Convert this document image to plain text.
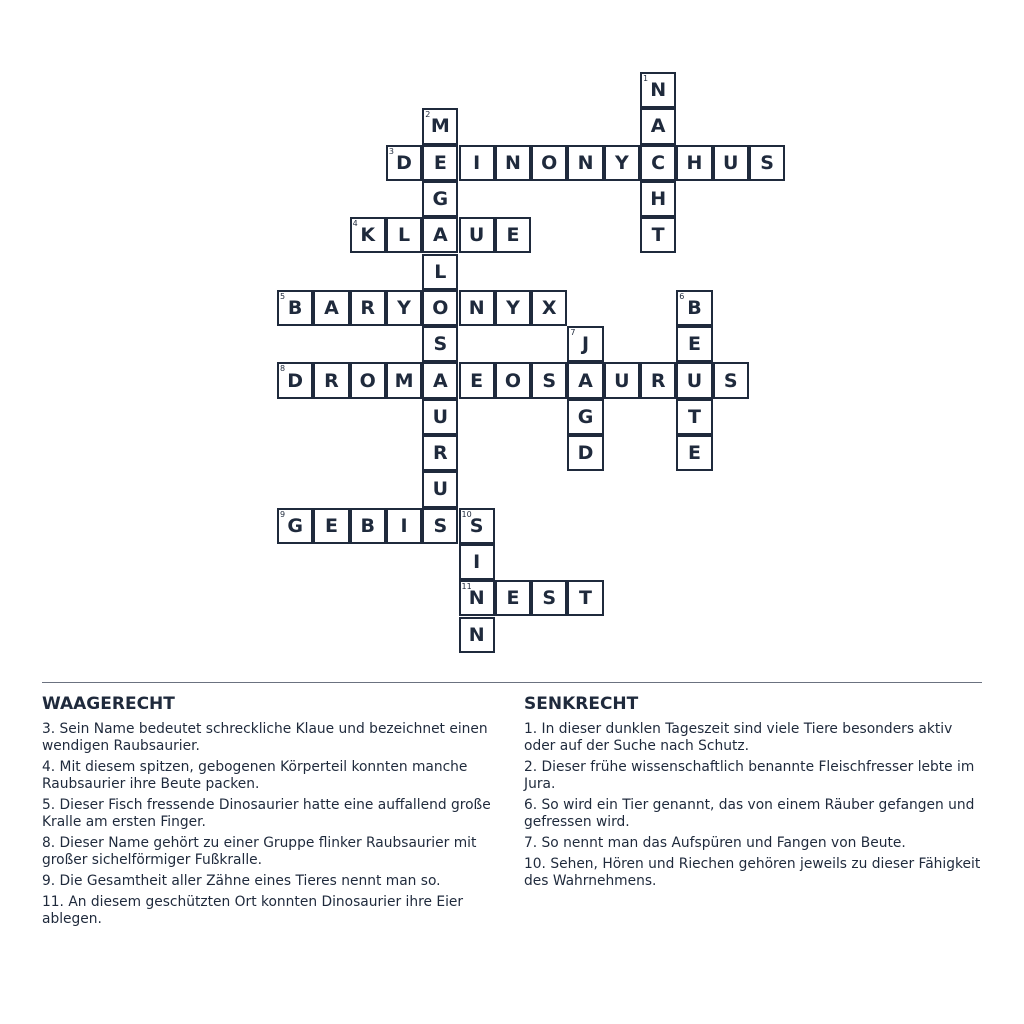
1
N
A
C
H
T
2
M
E
G
A
L
O
S
A
U
R
U
S
3
D	I N O N Y	H U S
4
K L	U E
5
B A R Y	N Y X
6
B
E
U
T
E
7
J
A
G
D
8
D R O M	E O S	U R	S
9
G E B I
10
S
I
11
N
N
E S T
WAAGERECHT
3. Sein Name bedeutet schreckliche Klaue und bezeichnet einen wendigen Raubsaurier.
4. Mit diesem spitzen, gebogenen Körperteil konnten manche Raubsaurier ihre Beute packen.
5. Dieser Fisch fressende Dinosaurier hatte eine auffallend große Kralle am ersten Finger.
8. Dieser Name gehört zu einer Gruppe flinker Raubsaurier mit großer sichelförmiger Fußkralle.
9. Die Gesamtheit aller Zähne eines Tieres nennt man so.
11. An diesem geschützten Ort konnten Dinosaurier ihre Eier ablegen.
SENKRECHT
1. In dieser dunklen Tageszeit sind viele Tiere besonders aktiv oder auf der Suche nach Schutz.
2. Dieser frühe wissenschaftlich benannte Fleischfresser lebte im Jura.
6. So wird ein Tier genannt, das von einem Räuber gefangen und gefressen wird.
7. So nennt man das Aufspüren und Fangen von Beute.
10. Sehen, Hören und Riechen gehören jeweils zu dieser Fähigkeit des Wahrnehmens.
